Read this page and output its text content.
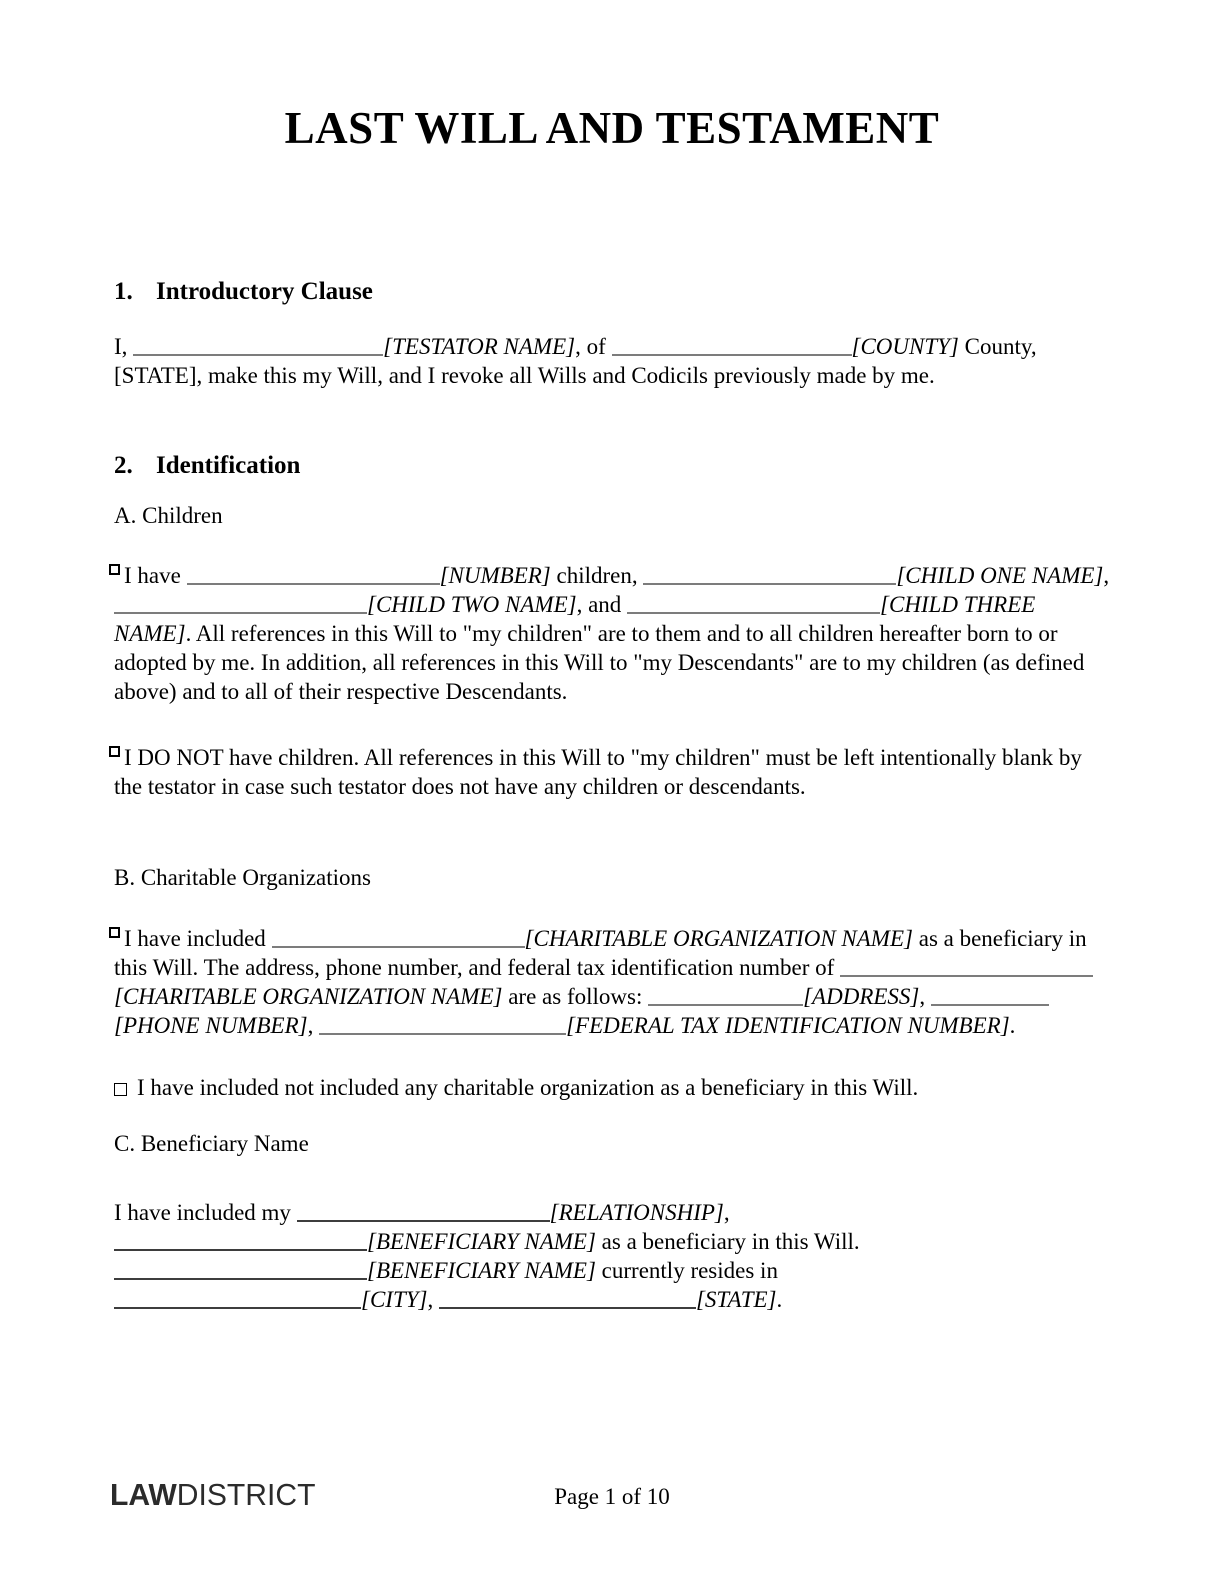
LAST WILL AND TESTAMENT
1. Introductory Clause
I,	[TESTATOR NAME], of	[COUNTY] County, [STATE], make this my Will, and I revoke all Wills and Codicils previously made by me.
2. Identification
A. Children
I have	[NUMBER] children,	[CHILD ONE NAME], [CHILD TWO NAME], and	[CHILD THREE NAME]. All references in this Will to "my children" are to them and to all children hereafter born to or adopted by me. In addition, all references in this Will to "my Descendants" are to my children (as defined above) and to all of their respective Descendants.
I DO NOT have children. All references in this Will to "my children" must be left intentionally blank by the testator in case such testator does not have any children or descendants.
B. Charitable Organizations
I have included	[CHARITABLE ORGANIZATION NAME] as a beneficiary in this Will. The address, phone number, and federal tax identification number of [CHARITABLE ORGANIZATION NAME] are as follows:	[ADDRESS], [PHONE NUMBER],	[FEDERAL TAX IDENTIFICATION NUMBER].
I have included not included any charitable organization as a beneficiary in this Will.
C. Beneficiary Name
I have included my	[RELATIONSHIP],
[BENEFICIARY NAME] as a beneficiary in this Will.
[BENEFICIARY NAME] currently resides in
[CITY],	[STATE].
LAWDISTRICT	Page 1 of 10
